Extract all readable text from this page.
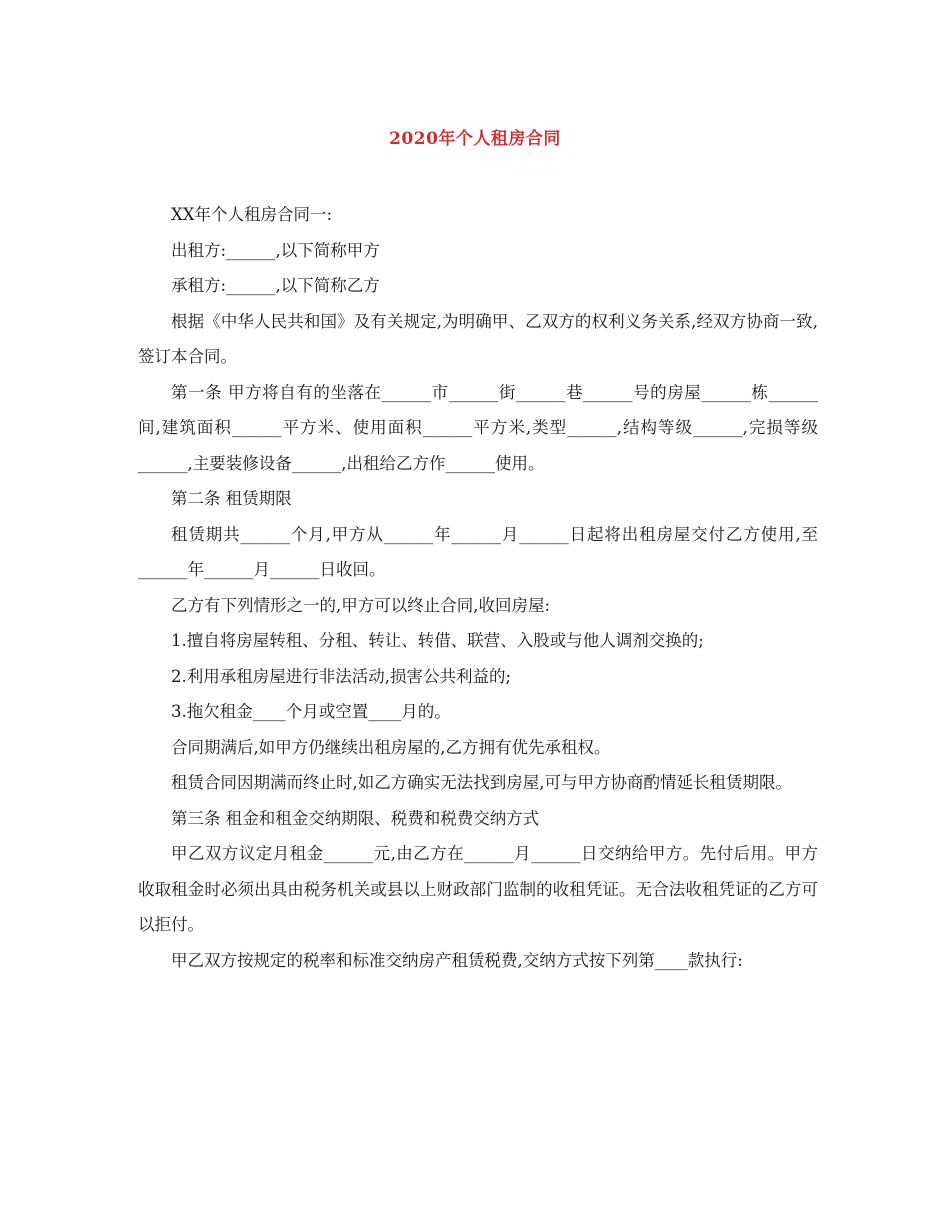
2020年个人租房合同

XX年个人租房合同一:

出租方:______,以下简称甲方

承租方:______,以下简称乙方

根据《中华人民共和国》及有关规定,为明确甲、乙双方的权利义务关系,经双方协商一致,签订本合同。

第一条 甲方将自有的坐落在______市______街______巷______号的房屋______栋______间,建筑面积______平方米、使用面积______平方米,类型______,结构等级______,完损等级______,主要装修设备______,出租给乙方作______使用。

第二条 租赁期限

租赁期共______个月,甲方从______年______月______日起将出租房屋交付乙方使用,至______年______月______日收回。

乙方有下列情形之一的,甲方可以终止合同,收回房屋:

1.擅自将房屋转租、分租、转让、转借、联营、入股或与他人调剂交换的;

2.利用承租房屋进行非法活动,损害公共利益的;

3.拖欠租金____个月或空置____月的。

合同期满后,如甲方仍继续出租房屋的,乙方拥有优先承租权。

租赁合同因期满而终止时,如乙方确实无法找到房屋,可与甲方协商酌情延长租赁期限。

第三条 租金和租金交纳期限、税费和税费交纳方式

甲乙双方议定月租金______元,由乙方在______月______日交纳给甲方。先付后用。甲方收取租金时必须出具由税务机关或县以上财政部门监制的收租凭证。无合法收租凭证的乙方可以拒付。

甲乙双方按规定的税率和标准交纳房产租赁税费,交纳方式按下列第____款执行:
